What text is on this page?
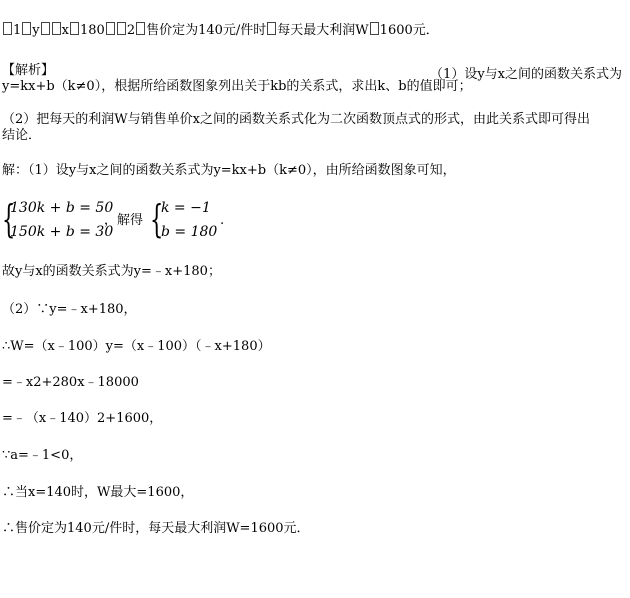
1 y x 180 2 售价定为140元/件时 每天最大利润W 1600元．
【解析】	（1）设y与x之间的函数关系式为
y=kx+b（k≠0），根据所给函数图象列出关于kb的关系式，求出k、b的值即可；
（2）把每天的利润W与销售单价x之间的函数关系式化为二次函数顶点式的形式，由此关系式即可得出
结论．
解：（1）设y与x之间的函数关系式为y=kx+b（k≠0），由所给函数图象可知，
{
130k + b = 50
150k + b = 30
，解得 {
k = −1
b = 180
.
故y与x的函数关系式为y=﹣x+180；
（2）∵y=﹣x+180，
∴W=（x﹣100）y=（x﹣100）（﹣x+180）
=﹣x2+280x﹣18000
=﹣（x﹣140）2+1600，
∵a=﹣1<0，
∴当x=140时，W最大=1600，
∴售价定为140元/件时，每天最大利润W=1600元．
